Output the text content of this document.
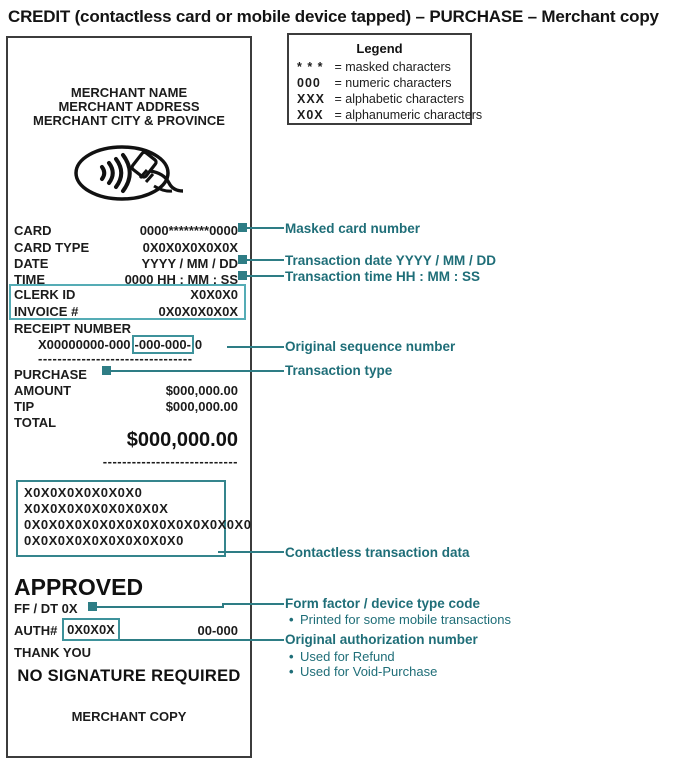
CREDIT (contactless card or mobile device tapped) – PURCHASE – Merchant copy
MERCHANT NAME
MERCHANT ADDRESS
MERCHANT CITY & PROVINCE
CARD	0000********0000
CARD TYPE	0X0X0X0X0X0X
DATE	YYYY / MM / DD
TIME	0000 HH : MM : SS
CLERK ID	X0X0X0
INVOICE #	0X0X0X0X0X
RECEIPT NUMBER
X00000000-000 -000-000- 0
--------------------------------
PURCHASE
AMOUNT	$000,000.00
TIP	$000,000.00
TOTAL
$000,000.00
----------------------------
X0X0X0X0X0X0X0
X0X0X0X0X0X0X0X0X
0X0X0X0X0X0X0X0X0X0X0X0X0X0
0X0X0X0X0X0X0X0X0X0
APPROVED
FF / DT 0X
AUTH# 0X0X0X	00-000
THANK YOU
NO SIGNATURE REQUIRED
MERCHANT COPY
Legend
* * * = masked characters
000 = numeric characters
XXX = alphabetic characters
X0X = alphanumeric characters
Masked card number
Transaction date YYYY / MM / DD
Transaction time HH : MM : SS
Original sequence number
Transaction type
Contactless transaction data
Form factor / device type code
• Printed for some mobile transactions
Original authorization number
• Used for Refund
• Used for Void-Purchase
